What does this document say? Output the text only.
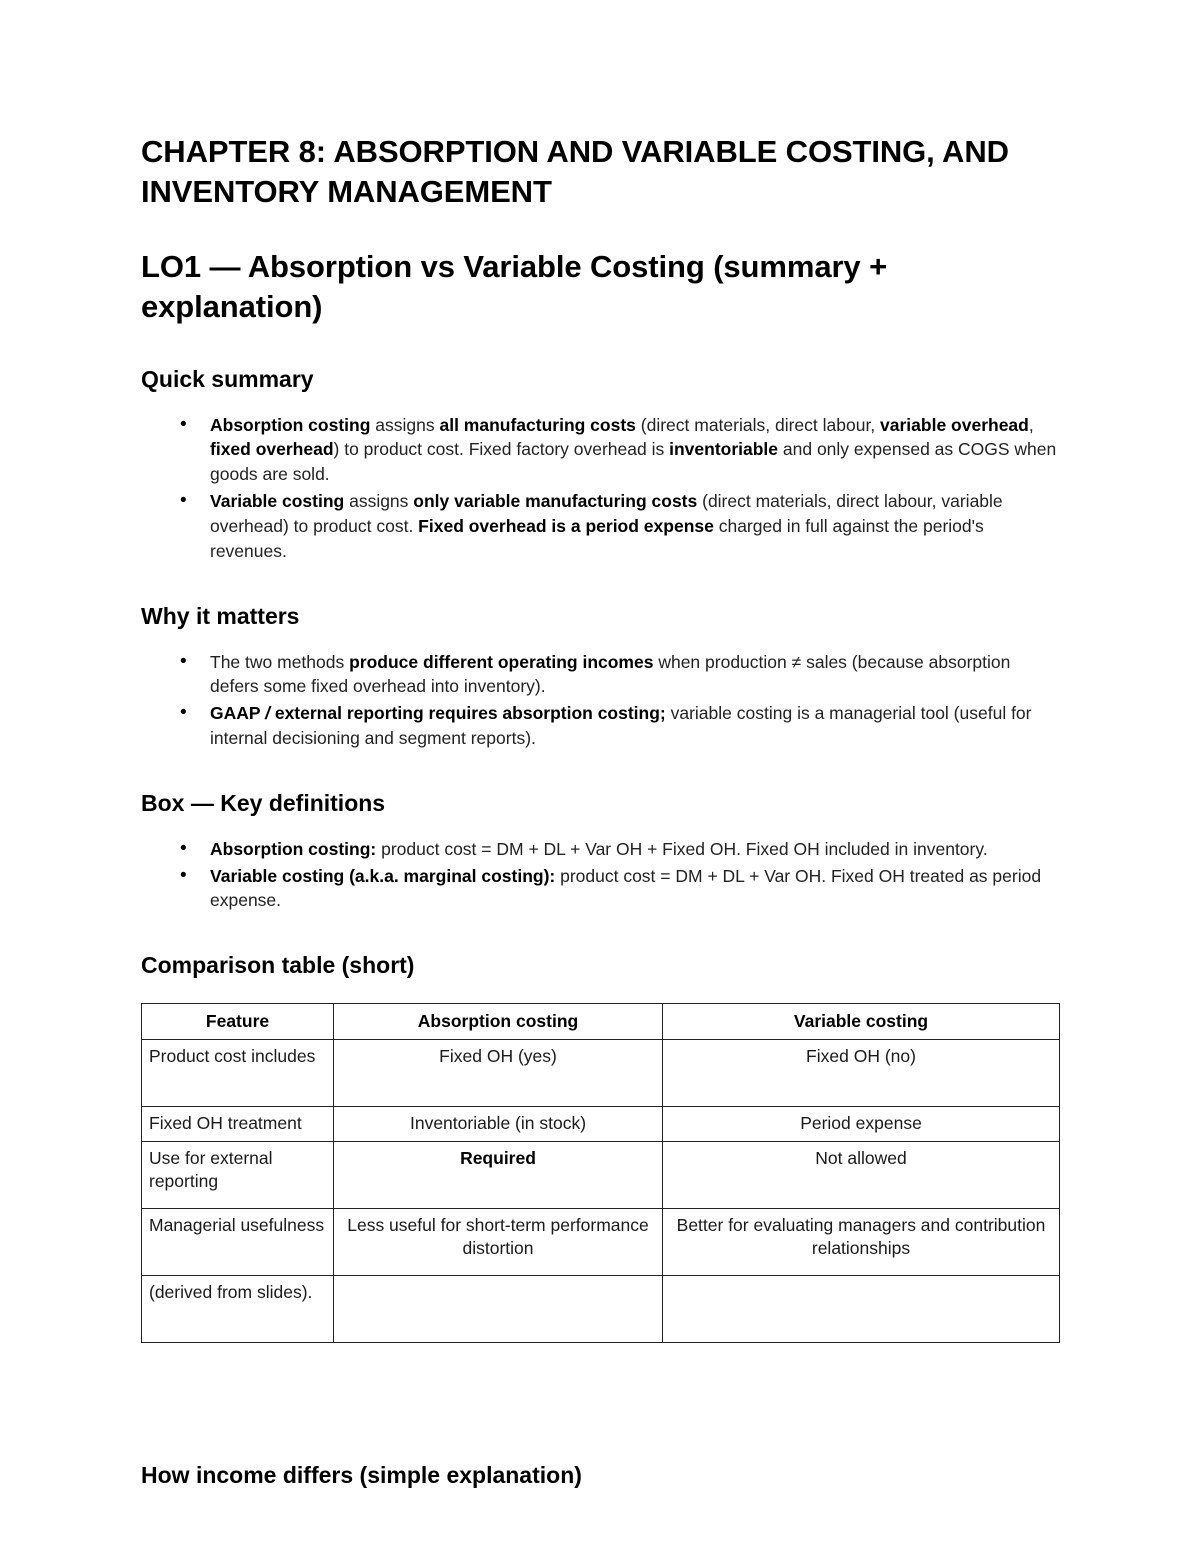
CHAPTER 8: ABSORPTION AND VARIABLE COSTING, AND INVENTORY MANAGEMENT
LO1 — Absorption vs Variable Costing (summary + explanation)
Quick summary
• Absorption costing assigns all manufacturing costs (direct materials, direct labour, variable overhead, fixed overhead) to product cost. Fixed factory overhead is inventoriable and only expensed as COGS when goods are sold.
• Variable costing assigns only variable manufacturing costs (direct materials, direct labour, variable overhead) to product cost. Fixed overhead is a period expense charged in full against the period's revenues.
Why it matters
• The two methods produce different operating incomes when production ≠ sales (because absorption defers some fixed overhead into inventory).
• GAAP / external reporting requires absorption costing; variable costing is a managerial tool (useful for internal decisioning and segment reports).
Box — Key definitions
• Absorption costing: product cost = DM + DL + Var OH + Fixed OH. Fixed OH included in inventory.
• Variable costing (a.k.a. marginal costing): product cost = DM + DL + Var OH. Fixed OH treated as period expense.
Comparison table (short)
Feature	Absorption costing	Variable costing
Product cost includes	Fixed OH (yes)	Fixed OH (no)
Fixed OH treatment	Inventoriable (in stock)	Period expense
Use for external reporting	Required	Not allowed
Managerial usefulness	Less useful for short-term performance distortion	Better for evaluating managers and contribution relationships
(derived from slides).		
How income differs (simple explanation)
